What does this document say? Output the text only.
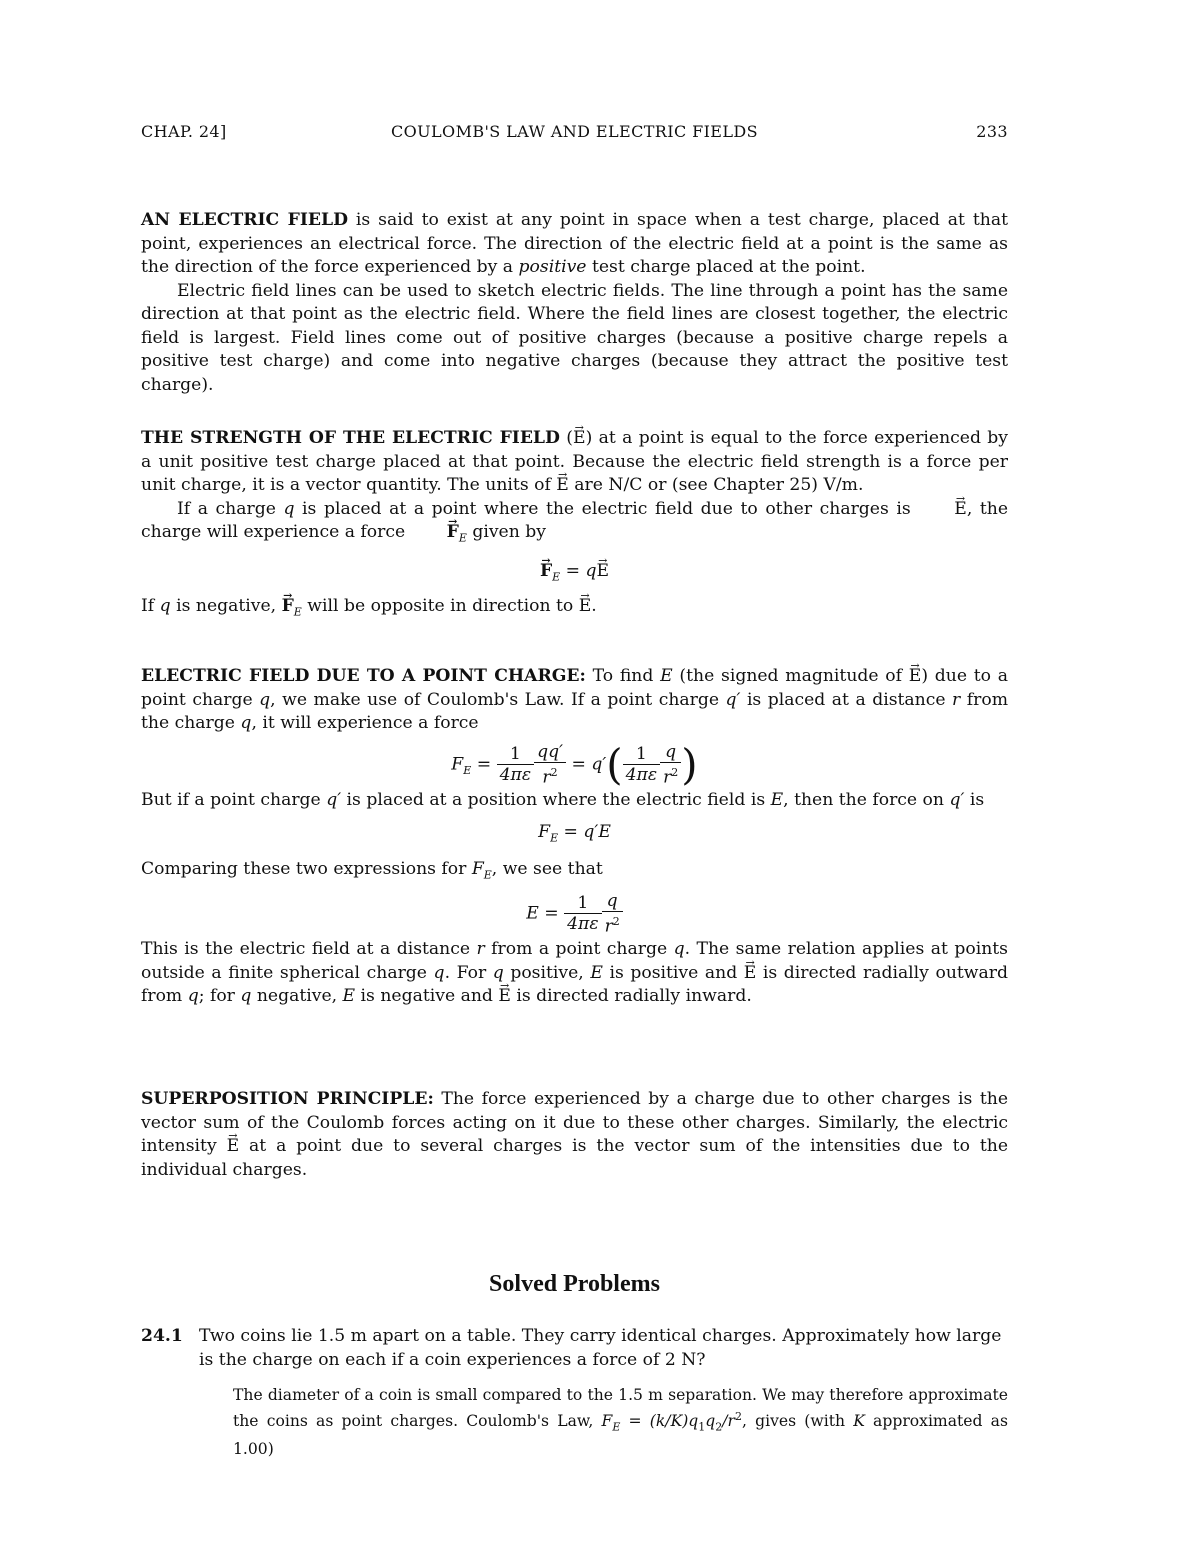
CHAP. 24]	COULOMB'S LAW AND ELECTRIC FIELDS	233

AN ELECTRIC FIELD is said to exist at any point in space when a test charge, placed at that point, experiences an electrical force. The direction of the electric field at a point is the same as the direction of the force experienced by a positive test charge placed at the point.

Electric field lines can be used to sketch electric fields. The line through a point has the same direction at that point as the electric field. Where the field lines are closest together, the electric field is largest. Field lines come out of positive charges (because a positive charge repels a positive test charge) and come into negative charges (because they attract the positive test charge).

THE STRENGTH OF THE ELECTRIC FIELD (→ E) at a point is equal to the force experienced by a unit positive test charge placed at that point. Because the electric field strength is a force per unit charge, it is a vector quantity. The units of → E are N/C or (see Chapter 25) V/m.

If a charge q is placed at a point where the electric field due to other charges is → E, the charge will experience a force → $F_E$ given by

→ $F_E = q\to E$

If q is negative, → $F_E$ will be opposite in direction to → E.

ELECTRIC FIELD DUE TO A POINT CHARGE: To find E (the signed magnitude of → E) due to a point charge q, we make use of Coulomb's Law. If a point charge q′ is placed at a distance r from the charge q, it will experience a force

$F_E = \frac{1}{4\pi\varepsilon} \frac{qq'}{r^2} = q'( \frac{1}{4\pi\varepsilon} \frac{q}{r^2}$ )

But if a point charge q′ is placed at a position where the electric field is E, then the force on q′ is

$F_E = q'E$

Comparing these two expressions for $F_E$, we see that

$E = \frac{1}{4\pi\varepsilon} \frac{q}{r^2}$

This is the electric field at a distance r from a point charge q. The same relation applies at points outside a finite spherical charge q. For q positive, E is positive and → E is directed radially outward from q; for q negative, E is negative and → E is directed radially inward.

SUPERPOSITION PRINCIPLE: The force experienced by a charge due to other charges is the vector sum of the Coulomb forces acting on it due to these other charges. Similarly, the electric intensity → E at a point due to several charges is the vector sum of the intensities due to the individual charges.

Solved Problems
24.1 Two coins lie 1.5 m apart on a table. They carry identical charges. Approximately how large is the charge on each if a coin experiences a force of 2 N?
The diameter of a coin is small compared to the 1.5 m separation. We may therefore approximate the coins as point charges. Coulomb's Law, $F_E = (k/K)q_1q_2/r^2$, gives (with K approximated as 1.00)
